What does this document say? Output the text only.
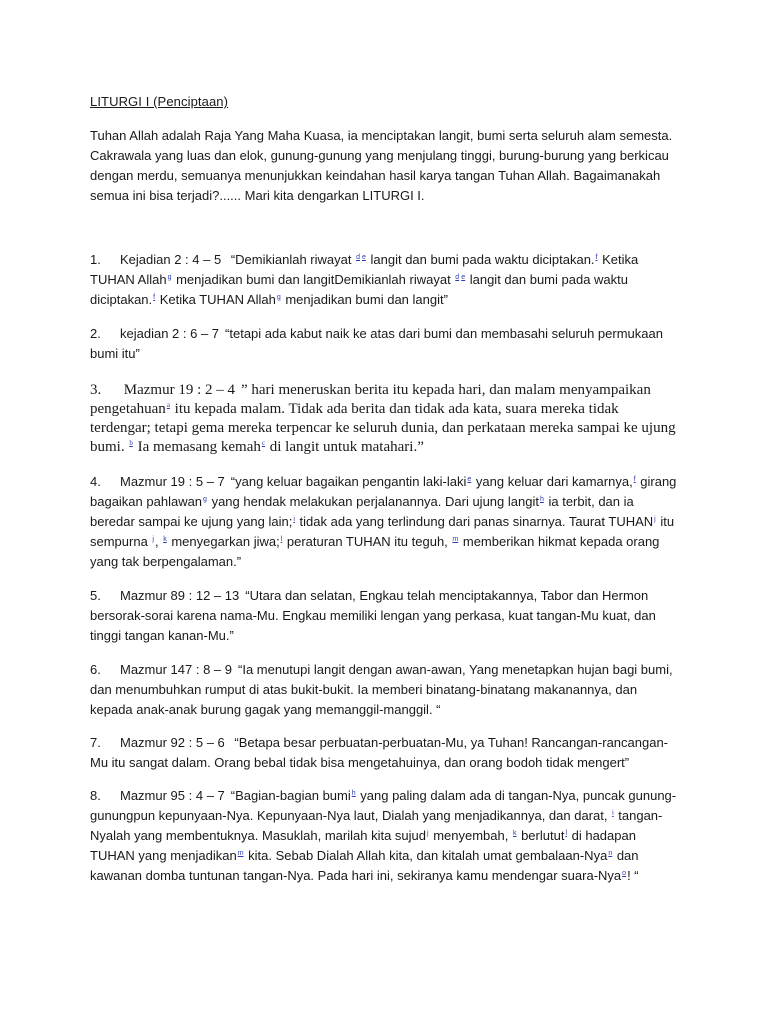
LITURGI I (Penciptaan)
Tuhan Allah adalah Raja Yang Maha Kuasa, ia menciptakan langit, bumi serta seluruh alam semesta. Cakrawala yang luas dan elok, gunung-gunung yang menjulang tinggi, burung-burung yang berkicau dengan merdu, semuanya menunjukkan keindahan hasil karya tangan Tuhan Allah. Bagaimanakah semua ini bisa terjadi?...... Mari kita dengarkan LITURGI I.
1. Kejadian 2 : 4 – 5 “Demikianlah riwayat $^d$ $^e$ langit dan bumi pada waktu diciptakan.$^f$ Ketika TUHAN Allah$^g$ menjadikan bumi dan langitDemikianlah riwayat $^d$ $^e$ langit dan bumi pada waktu diciptakan.$^f$ Ketika TUHAN Allah$^g$ menjadikan bumi dan langit”
2. kejadian 2 : 6 – 7 “tetapi ada kabut naik ke atas dari bumi dan membasahi seluruh permukaan bumi itu”
3. Mazmur 19 : 2 – 4 ” hari meneruskan berita itu kepada hari, dan malam menyampaikan pengetahuan$^a$ itu kepada malam. Tidak ada berita dan tidak ada kata, suara mereka tidak terdengar; tetapi gema mereka terpencar ke seluruh dunia, dan perkataan mereka sampai ke ujung bumi. $^b$ Ia memasang kemah$^c$ di langit untuk matahari.”
4. Mazmur 19 : 5 – 7 “yang keluar bagaikan pengantin laki-laki$^e$ yang keluar dari kamarnya,$^f$ girang bagaikan pahlawan$^g$ yang hendak melakukan perjalanannya. Dari ujung langit$^h$ ia terbit, dan ia beredar sampai ke ujung yang lain;$^i$ tidak ada yang terlindung dari panas sinarnya. Taurat TUHAN$^j$ itu sempurna $^j$, $^k$ menyegarkan jiwa;$^l$ peraturan TUHAN itu teguh, $^m$ memberikan hikmat kepada orang yang tak berpengalaman.”
5. Mazmur 89 : 12 – 13 “Utara dan selatan, Engkau telah menciptakannya, Tabor dan Hermon bersorak-sorai karena nama-Mu. Engkau memiliki lengan yang perkasa, kuat tangan-Mu kuat, dan tinggi tangan kanan-Mu.”
6. Mazmur 147 : 8 – 9 “Ia menutupi langit dengan awan-awan, Yang menetapkan hujan bagi bumi, dan menumbuhkan rumput di atas bukit-bukit. Ia memberi binatang-binatang makanannya, dan kepada anak-anak burung gagak yang memanggil-manggil. “
7. Mazmur 92 : 5 – 6 “Betapa besar perbuatan-perbuatan-Mu, ya Tuhan! Rancangan-rancangan-Mu itu sangat dalam. Orang bebal tidak bisa mengetahuinya, dan orang bodoh tidak mengert”
8. Mazmur 95 : 4 – 7 “Bagian-bagian bumi$^h$ yang paling dalam ada di tangan-Nya, puncak gunung-gunungpun kepunyaan-Nya. Kepunyaan-Nya laut, Dialah yang menjadikannya, dan darat, $^i$ tangan-Nyalah yang membentuknya. Masuklah, marilah kita sujud$^j$ menyembah, $^k$ berlutut$^l$ di hadapan TUHAN yang menjadikan$^m$ kita. Sebab Dialah Allah kita, dan kitalah umat gembalaan-Nya$^n$ dan kawanan domba tuntunan tangan-Nya. Pada hari ini, sekiranya kamu mendengar suara-Nya$^o$! “
